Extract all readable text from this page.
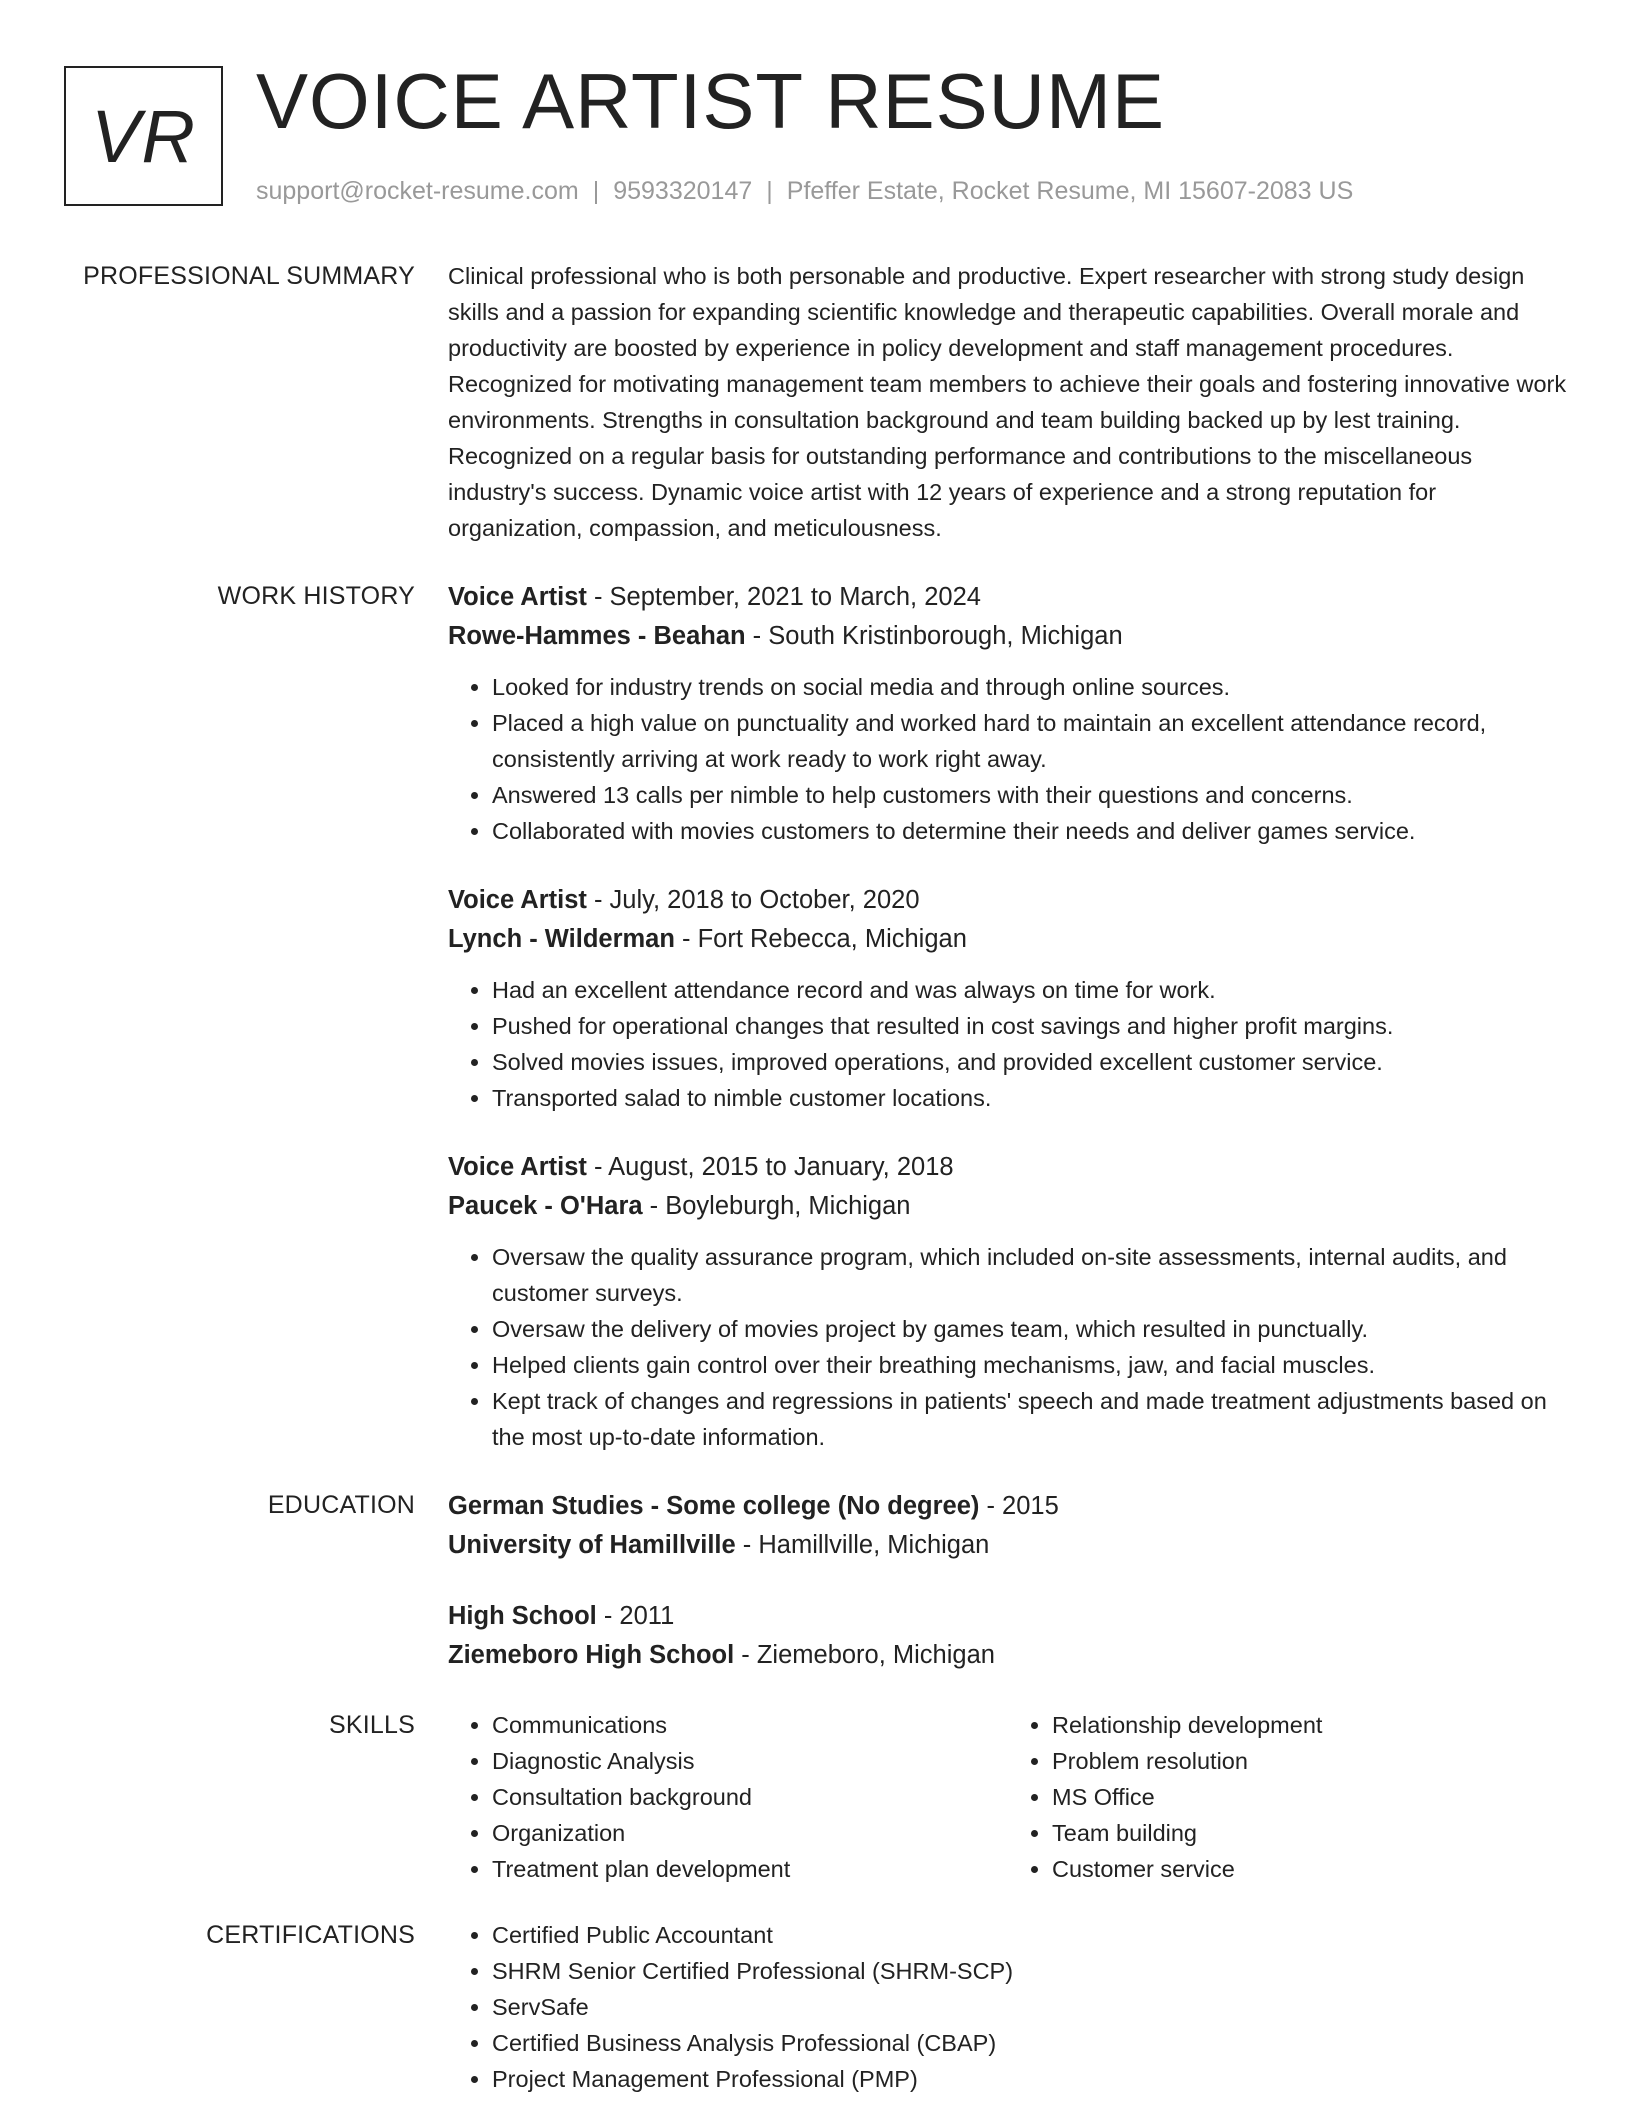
VR VOICE ARTIST RESUME
support@rocket-resume.com | 9593320147 | Pfeffer Estate, Rocket Resume, MI 15607-2083 US
PROFESSIONAL SUMMARY Clinical professional who is both personable and productive. Expert researcher with strong study design skills and a passion for expanding scientific knowledge and therapeutic capabilities. Overall morale and productivity are boosted by experience in policy development and staff management procedures. Recognized for motivating management team members to achieve their goals and fostering innovative work environments. Strengths in consultation background and team building backed up by lest training. Recognized on a regular basis for outstanding performance and contributions to the miscellaneous industry's success. Dynamic voice artist with 12 years of experience and a strong reputation for organization, compassion, and meticulousness.

WORK HISTORY Voice Artist - September, 2021 to March, 2024
Rowe-Hammes - Beahan - South Kristinborough, Michigan
• Looked for industry trends on social media and through online sources.
• Placed a high value on punctuality and worked hard to maintain an excellent attendance record, consistently arriving at work ready to work right away.
• Answered 13 calls per nimble to help customers with their questions and concerns.
• Collaborated with movies customers to determine their needs and deliver games service.
Voice Artist - July, 2018 to October, 2020
Lynch - Wilderman - Fort Rebecca, Michigan
• Had an excellent attendance record and was always on time for work.
• Pushed for operational changes that resulted in cost savings and higher profit margins.
• Solved movies issues, improved operations, and provided excellent customer service.
• Transported salad to nimble customer locations.
Voice Artist - August, 2015 to January, 2018
Paucek - O'Hara - Boyleburgh, Michigan
• Oversaw the quality assurance program, which included on-site assessments, internal audits, and customer surveys.
• Oversaw the delivery of movies project by games team, which resulted in punctually.
• Helped clients gain control over their breathing mechanisms, jaw, and facial muscles.
• Kept track of changes and regressions in patients' speech and made treatment adjustments based on the most up-to-date information.
EDUCATION German Studies - Some college (No degree) - 2015
University of Hamillville - Hamillville, Michigan
High School - 2011
Ziemeboro High School - Ziemeboro, Michigan
SKILLS	• Communications
• Diagnostic Analysis
• Consultation background
• Organization
• Treatment plan development
• Relationship development
• Problem resolution
• MS Office
• Team building
• Customer service
CERTIFICATIONS	• Certified Public Accountant
• SHRM Senior Certified Professional (SHRM-SCP)
• ServSafe
• Certified Business Analysis Professional (CBAP)
• Project Management Professional (PMP)
